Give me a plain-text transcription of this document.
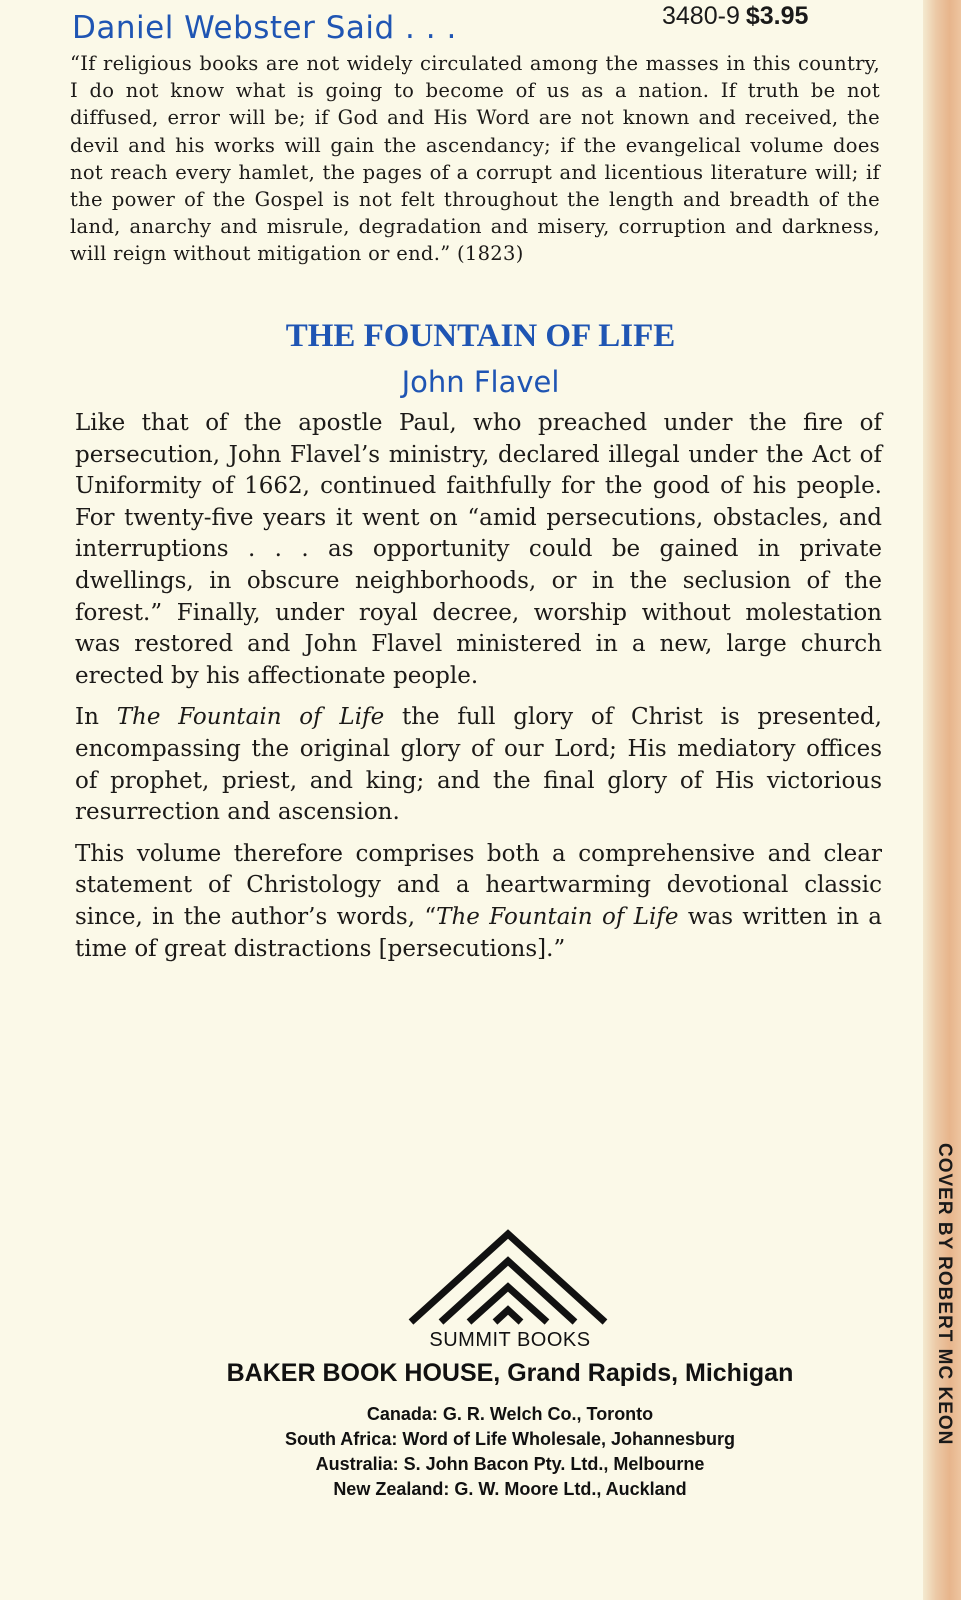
COVER BY ROBERT MC KEON
Daniel Webster Said . . .	3480-9 $3.95
“If religious books are not widely circulated among the masses in this country, I do not know what is going to become of us as a nation. If truth be not diffused, error will be; if God and His Word are not known and received, the devil and his works will gain the ascendancy; if the evangelical volume does not reach every hamlet, the pages of a corrupt and licentious literature will; if the power of the Gospel is not felt throughout the length and breadth of the land, anarchy and misrule, degradation and misery, corruption and darkness, will reign without mitigation or end.” (1823)
THE FOUNTAIN OF LIFE
John Flavel

Like that of the apostle Paul, who preached under the fire of persecution, John Flavel’s ministry, declared illegal under the Act of Uniformity of 1662, continued faithfully for the good of his people. For twenty-five years it went on “amid persecutions, obstacles, and interruptions . . . as opportunity could be gained in private dwellings, in obscure neighborhoods, or in the seclusion of the forest.” Finally, under royal decree, worship without molestation was restored and John Flavel ministered in a new, large church erected by his affectionate people.

In The Fountain of Life the full glory of Christ is presented, encompassing the original glory of our Lord; His mediatory offices of prophet, priest, and king; and the final glory of His victorious resurrection and ascension.

This volume therefore comprises both a comprehensive and clear statement of Christology and a heartwarming devotional classic since, in the author’s words, “The Fountain of Life was written in a time of great distractions [persecutions].”

SUMMIT BOOKS
BAKER BOOK HOUSE, Grand Rapids, Michigan
Canada: G. R. Welch Co., Toronto
South Africa: Word of Life Wholesale, Johannesburg
Australia: S. John Bacon Pty. Ltd., Melbourne
New Zealand: G. W. Moore Ltd., Auckland
